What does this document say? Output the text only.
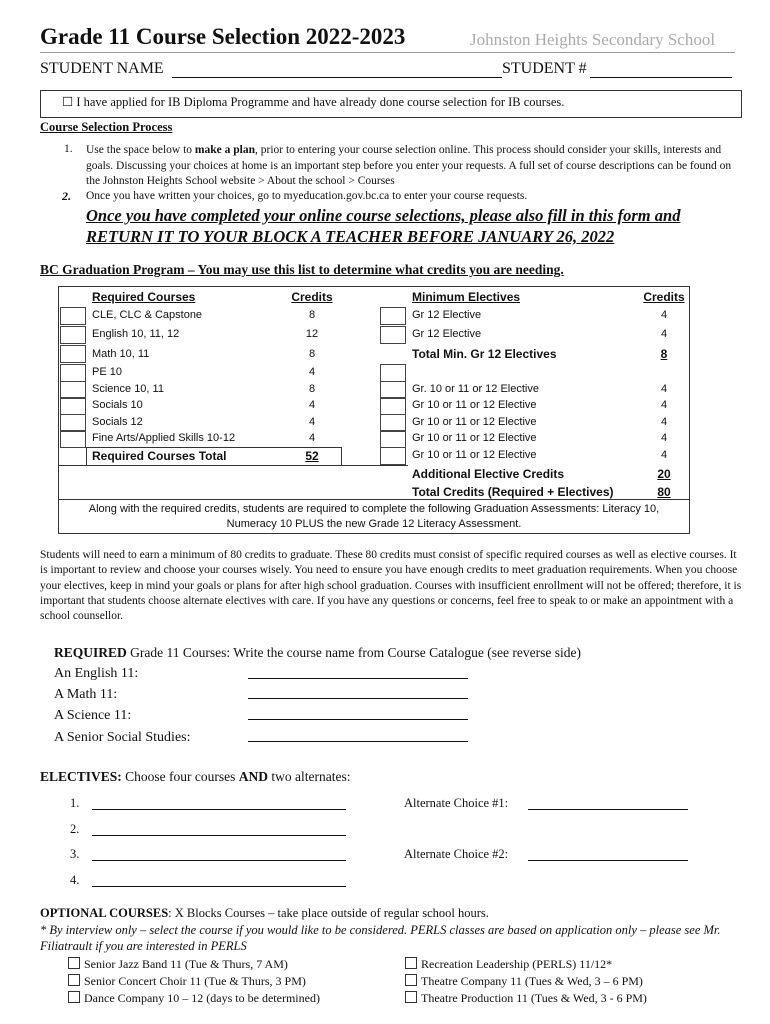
Grade 11 Course Selection 2022-2023	Johnston Heights Secondary School
STUDENT NAME	STUDENT #
☐ I have applied for IB Diploma Programme and have already done course selection for IB courses.
Course Selection Process
1. Use the space below to make a plan, prior to entering your course selection online. This process should consider your skills, interests and goals. Discussing your choices at home is an important step before you enter your requests. A full set of course descriptions can be found on the Johnston Heights School website > About the school > Courses
2. Once you have written your choices, go to myeducation.gov.bc.ca to enter your course requests.
Once you have completed your online course selections, please also fill in this form and RETURN IT TO YOUR BLOCK A TEACHER BEFORE JANUARY 26, 2022
BC Graduation Program – You may use this list to determine what credits you are needing.
Required Courses	Credits	Minimum Electives	Credits
CLE, CLC & Capstone	8
English 10, 11, 12	12
Math 10, 11	8
PE 10	4
Science 10, 11	8
Socials 10	4
Socials 12	4
Fine Arts/Applied Skills 10-12	4
Required Courses Total	52
Gr 12 Elective	4
Gr 12 Elective	4
Total Min. Gr 12 Electives	8
Gr. 10 or 11 or 12 Elective	4
Gr 10 or 11 or 12 Elective	4
Gr 10 or 11 or 12 Elective	4
Gr 10 or 11 or 12 Elective	4
Gr 10 or 11 or 12 Elective	4
Additional Elective Credits	20
Total Credits (Required + Electives)	80
Along with the required credits, students are required to complete the following Graduation Assessments: Literacy 10, Numeracy 10 PLUS the new Grade 12 Literacy Assessment.
Students will need to earn a minimum of 80 credits to graduate. These 80 credits must consist of specific required courses as well as elective courses. It is important to review and choose your courses wisely. You need to ensure you have enough credits to meet graduation requirements. When you choose your electives, keep in mind your goals or plans for after high school graduation. Courses with insufficient enrollment will not be offered; therefore, it is important that students choose alternate electives with care. If you have any questions or concerns, feel free to speak to or make an appointment with a school counsellor.
REQUIRED Grade 11 Courses: Write the course name from Course Catalogue (see reverse side)
An English 11:
A Math 11:
A Science 11:
A Senior Social Studies:
ELECTIVES: Choose four courses AND two alternates:
1.
2.
3.
4.
Alternate Choice #1:
Alternate Choice #2:
OPTIONAL COURSES: X Blocks Courses – take place outside of regular school hours.
* By interview only – select the course if you would like to be considered. PERLS classes are based on application only – please see Mr. Filiatrault if you are interested in PERLS
Senior Jazz Band 11 (Tue & Thurs, 7 AM)
Senior Concert Choir 11 (Tue & Thurs, 3 PM)
Dance Company 10 – 12 (days to be determined)
Recreation Leadership (PERLS) 11/12*
Theatre Company 11 (Tues & Wed, 3 – 6 PM)
Theatre Production 11 (Tues & Wed, 3 - 6 PM)
